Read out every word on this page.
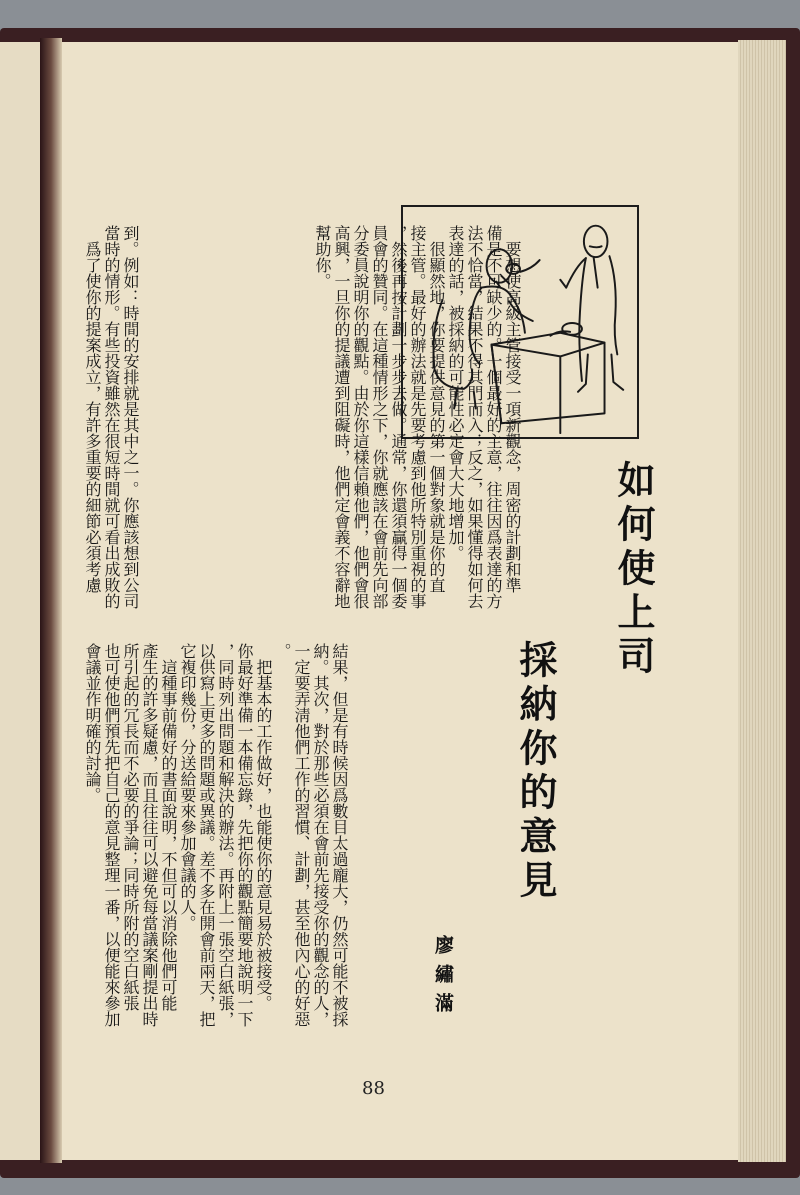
如何使上司
採納你的意見
廖繡滿
　要想使高級主管接受一項新觀念，周密的計劃和準
備是不可缺少的。一個最好的主意，往往因爲表達的方
法不恰當，結果不得其門而入；反之，如果懂得如何去
表達的話，被採納的可能性必定會大大地增加。
　很顯然地，你要提供意見的第一個對象就是你的直
接主管。最好的辦法就是先要考慮到他所特別重視的事
，然後再按計劃一步步去做。通常，你還須贏得一個委
員會的贊同。在這種情形之下，你就應該在會前先向部
分委員說明你的觀點。由於你這樣信賴他們，他們會很
高興，一旦你的提議遭到阻礙時，他們定會義不容辭地
幫助你。
到。例如：時間的安排就是其中之一。你應該想到公司
當時的情形。有些投資雖然在很短時間就可看出成敗的
　爲了使你的提案成立，有許多重要的細節必須考慮
結果，但是有時候因爲數目太過龐大，仍然可能不被採
納。其次，對於那些必須在會前先接受你的觀念的人，
一定要弄淸他們工作的習慣、計劃，甚至他內心的好惡
。
　把基本的工作做好，也能使你的意見易於被接受。
你最好準備一本備忘錄，先把你的觀點簡要地說明一下
，同時列出問題和解決的辦法。再附上一張空白紙張，
以供寫上更多的問題或異議。差不多在開會前兩天，把
它複印幾份，分送給要來參加會議的人。
　這種事前備好的書面說明，不但可以消除他們可能
產生的許多疑慮，而且往往可以避免每當議案剛提出時
所引起的冗長而不必要的爭論；同時所附的空白紙張
也可使他們預先把自己的意見整理一番，以便能來參加
會議並作明確的討論。
88
